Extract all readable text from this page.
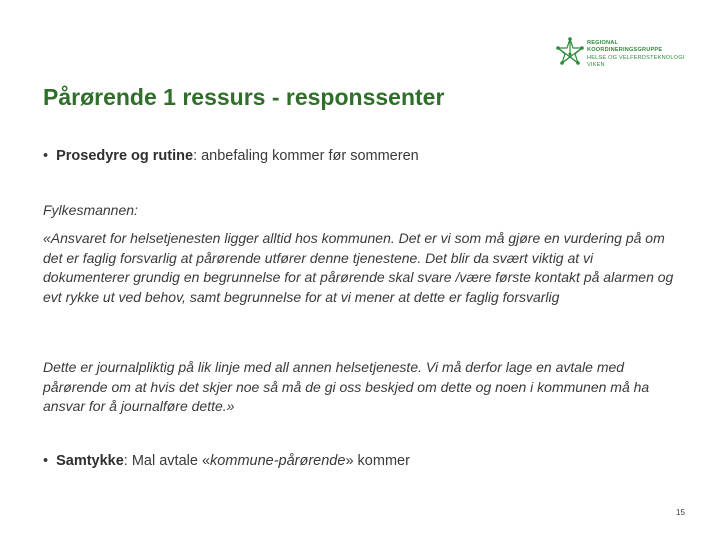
REGIONAL
KOORDINERINGSGRUPPE
HELSE OG VELFERDSTEKNOLOGI
VIKEN
Pårørende 1 ressurs - responssenter
• Prosedyre og rutine: anbefaling kommer før sommeren

Fylkesmannen:

«Ansvaret for helsetjenesten ligger alltid hos kommunen. Det er vi som må gjøre en vurdering på om det er faglig forsvarlig at pårørende utfører denne tjenestene. Det blir da svært viktig at vi dokumenterer grundig en begrunnelse for at pårørende skal svare /være første kontakt på alarmen og evt rykke ut ved behov, samt begrunnelse for at vi mener at dette er faglig forsvarlig

Dette er journalpliktig på lik linje med all annen helsetjeneste. Vi må derfor lage en avtale med pårørende om at hvis det skjer noe så må de gi oss beskjed om dette og noen i kommunen må ha ansvar for å journalføre dette.»

• Samtykke: Mal avtale «kommune-pårørende» kommer
15
